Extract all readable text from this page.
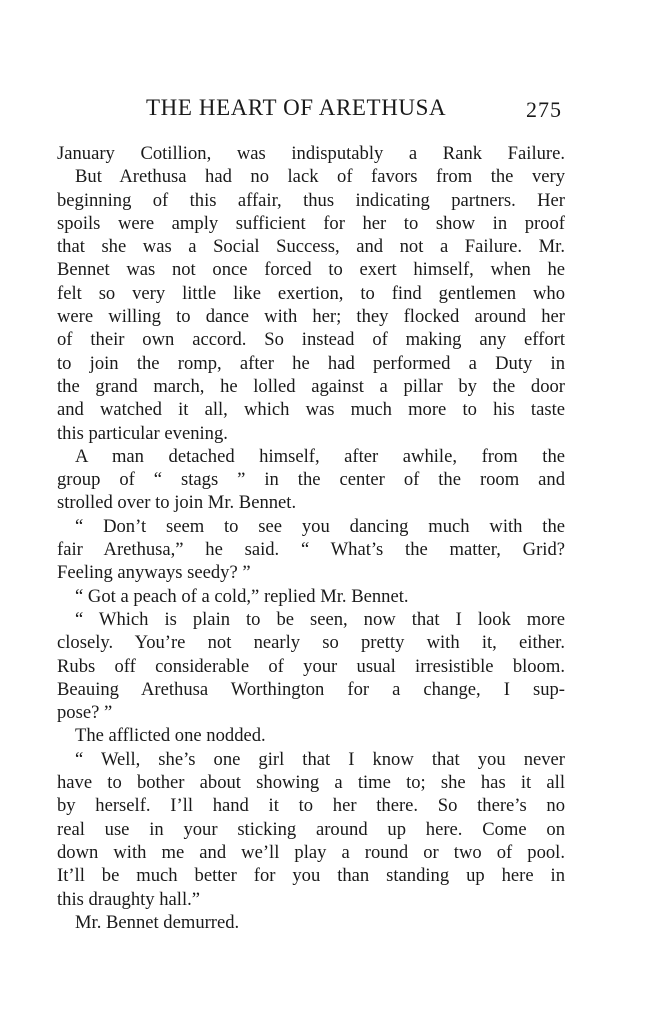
THE HEART OF ARETHUSA	275
January Cotillion, was indisputably a Rank Failure.
But Arethusa had no lack of favors from the very
beginning of this affair, thus indicating partners. Her
spoils were amply sufficient for her to show in proof
that she was a Social Success, and not a Failure. Mr.
Bennet was not once forced to exert himself, when he
felt so very little like exertion, to find gentlemen who
were willing to dance with her; they flocked around her
of their own accord. So instead of making any effort
to join the romp, after he had performed a Duty in
the grand march, he lolled against a pillar by the door
and watched it all, which was much more to his taste
this particular evening.
A man detached himself, after awhile, from the
group of “ stags ” in the center of the room and
strolled over to join Mr. Bennet.
“ Don’t seem to see you dancing much with the
fair Arethusa,” he said. “ What’s the matter, Grid?
Feeling anyways seedy? ”
“ Got a peach of a cold,” replied Mr. Bennet.
“ Which is plain to be seen, now that I look more
closely. You’re not nearly so pretty with it, either.
Rubs off considerable of your usual irresistible bloom.
Beauing Arethusa Worthington for a change, I sup-
pose? ”
The afflicted one nodded.
“ Well, she’s one girl that I know that you never
have to bother about showing a time to; she has it all
by herself. I’ll hand it to her there. So there’s no
real use in your sticking around up here. Come on
down with me and we’ll play a round or two of pool.
It’ll be much better for you than standing up here in
this draughty hall.”
Mr. Bennet demurred.
